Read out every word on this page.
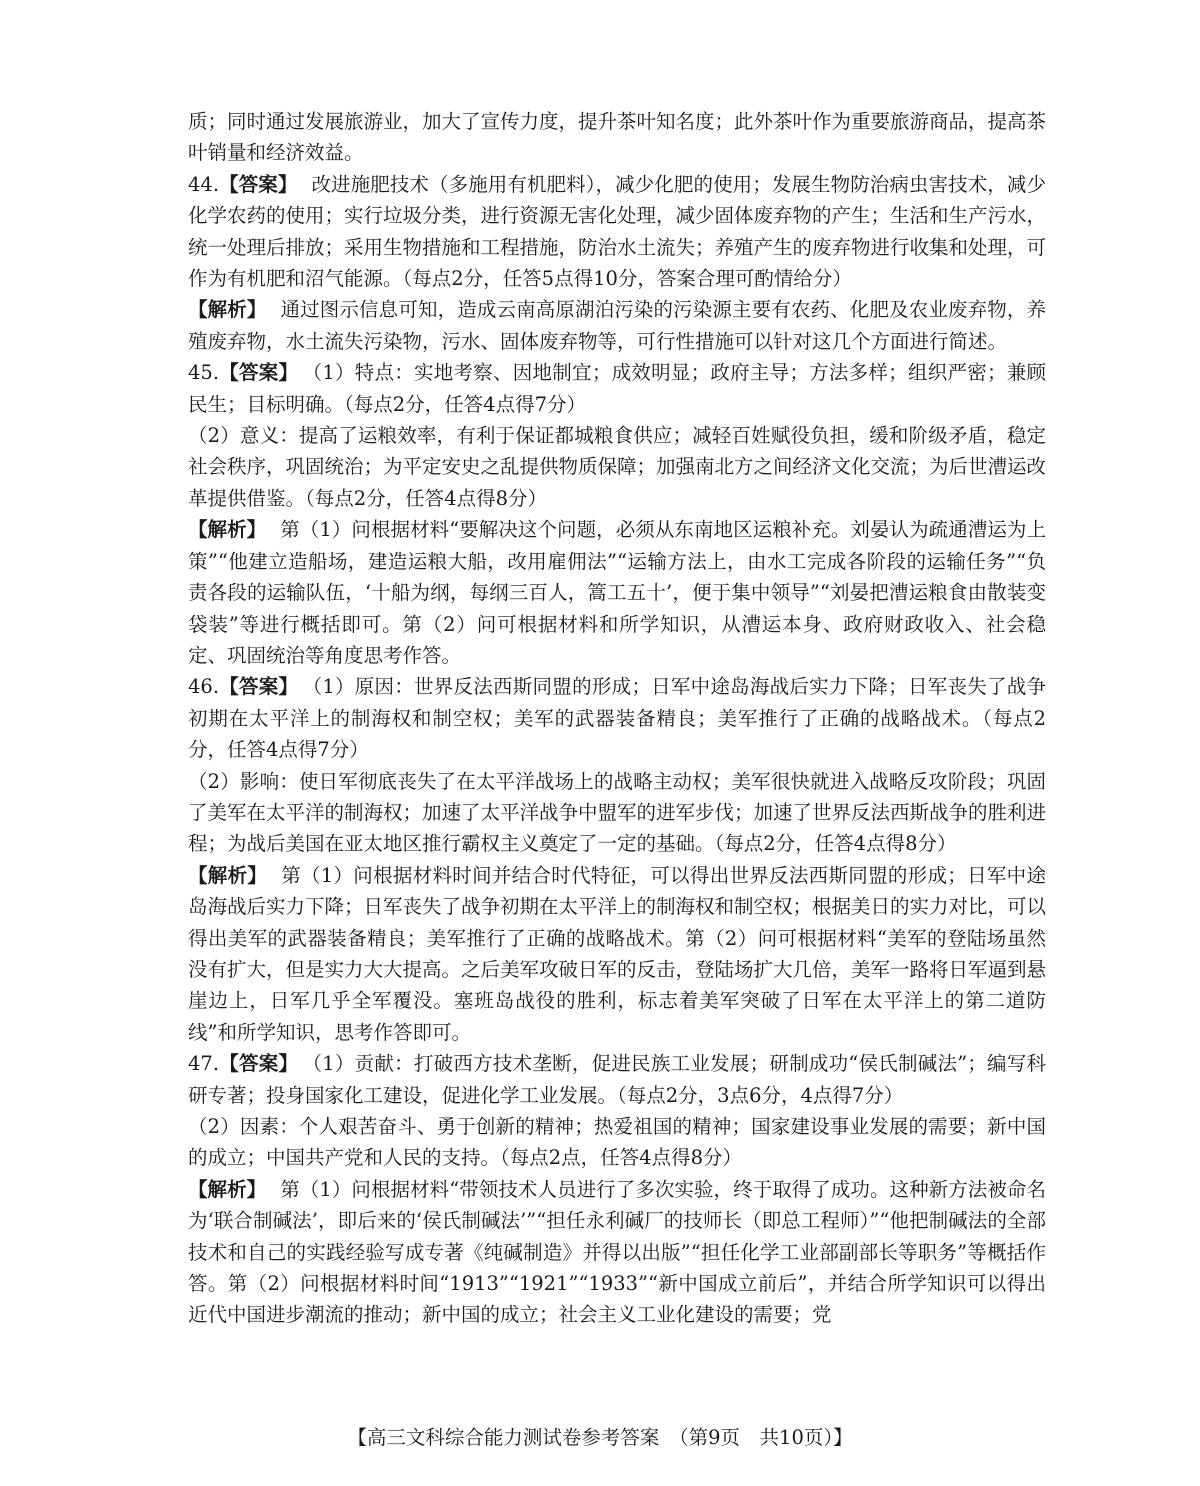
质；同时通过发展旅游业，加大了宣传力度，提升茶叶知名度；此外茶叶作为重要旅游商品，提高茶叶销量和经济效益。

44.【答案】 改进施肥技术（多施用有机肥料），减少化肥的使用；发展生物防治病虫害技术，减少化学农药的使用；实行垃圾分类，进行资源无害化处理，减少固体废弃物的产生；生活和生产污水，统一处理后排放；采用生物措施和工程措施，防治水土流失；养殖产生的废弃物进行收集和处理，可作为有机肥和沼气能源。（每点2分，任答5点得10分，答案合理可酌情给分）

【解析】 通过图示信息可知，造成云南高原湖泊污染的污染源主要有农药、化肥及农业废弃物，养殖废弃物，水土流失污染物，污水、固体废弃物等，可行性措施可以针对这几个方面进行简述。

45.【答案】 （1）特点：实地考察、因地制宜；成效明显；政府主导；方法多样；组织严密；兼顾民生；目标明确。（每点2分，任答4点得7分）

（2）意义：提高了运粮效率，有利于保证都城粮食供应；减轻百姓赋役负担，缓和阶级矛盾，稳定社会秩序，巩固统治；为平定安史之乱提供物质保障；加强南北方之间经济文化交流；为后世漕运改革提供借鉴。（每点2分，任答4点得8分）

【解析】 第（1）问根据材料“要解决这个问题，必须从东南地区运粮补充。刘晏认为疏通漕运为上策”“他建立造船场，建造运粮大船，改用雇佣法”“运输方法上，由水工完成各阶段的运输任务”“负责各段的运输队伍，‘十船为纲，每纲三百人，篙工五十’，便于集中领导”“刘晏把漕运粮食由散装变袋装”等进行概括即可。第（2）问可根据材料和所学知识，从漕运本身、政府财政收入、社会稳定、巩固统治等角度思考作答。

46.【答案】 （1）原因：世界反法西斯同盟的形成；日军中途岛海战后实力下降；日军丧失了战争初期在太平洋上的制海权和制空权；美军的武器装备精良；美军推行了正确的战略战术。（每点2分，任答4点得7分）

（2）影响：使日军彻底丧失了在太平洋战场上的战略主动权；美军很快就进入战略反攻阶段；巩固了美军在太平洋的制海权；加速了太平洋战争中盟军的进军步伐；加速了世界反法西斯战争的胜利进程；为战后美国在亚太地区推行霸权主义奠定了一定的基础。（每点2分，任答4点得8分）

【解析】 第（1）问根据材料时间并结合时代特征，可以得出世界反法西斯同盟的形成；日军中途岛海战后实力下降；日军丧失了战争初期在太平洋上的制海权和制空权；根据美日的实力对比，可以得出美军的武器装备精良；美军推行了正确的战略战术。第（2）问可根据材料“美军的登陆场虽然没有扩大，但是实力大大提高。之后美军攻破日军的反击，登陆场扩大几倍，美军一路将日军逼到悬崖边上，日军几乎全军覆没。塞班岛战役的胜利，标志着美军突破了日军在太平洋上的第二道防线”和所学知识，思考作答即可。

47.【答案】 （1）贡献：打破西方技术垄断，促进民族工业发展；研制成功“侯氏制碱法”；编写科研专著；投身国家化工建设，促进化学工业发展。（每点2分，3点6分，4点得7分）

（2）因素：个人艰苦奋斗、勇于创新的精神；热爱祖国的精神；国家建设事业发展的需要；新中国的成立；中国共产党和人民的支持。（每点2点，任答4点得8分）

【解析】 第（1）问根据材料“带领技术人员进行了多次实验，终于取得了成功。这种新方法被命名为‘联合制碱法’，即后来的‘侯氏制碱法’”“担任永利碱厂的技师长（即总工程师）”“他把制碱法的全部技术和自己的实践经验写成专著《纯碱制造》并得以出版”“担任化学工业部副部长等职务”等概括作答。第（2）问根据材料时间“1913”“1921”“1933”“新中国成立前后”，并结合所学知识可以得出近代中国进步潮流的推动；新中国的成立；社会主义工业化建设的需要；党

【高三文科综合能力测试卷参考答案　（第9页　共10页）】
